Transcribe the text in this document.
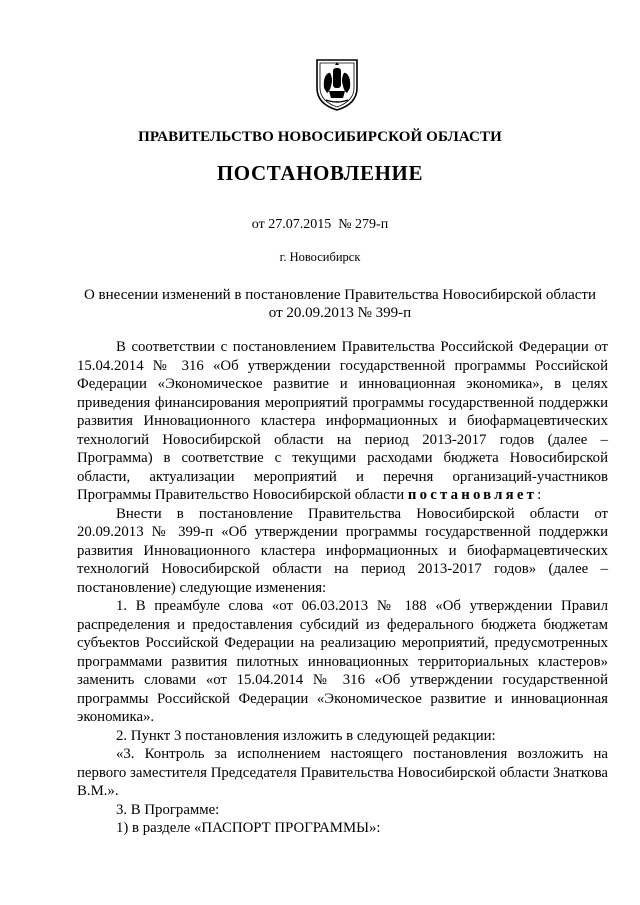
ПРАВИТЕЛЬСТВО НОВОСИБИРСКОЙ ОБЛАСТИ
ПОСТАНОВЛЕНИЕ
от 27.07.2015  № 279-п
г. Новосибирск
О внесении изменений в постановление Правительства Новосибирской области
от 20.09.2013 № 399-п

В соответствии с постановлением Правительства Российской Федерации от 15.04.2014 № 316 «Об утверждении государственной программы Российской Федерации «Экономическое развитие и инновационная экономика», в целях приведения финансирования мероприятий программы государственной поддержки развития Инновационного кластера информационных и биофармацевтических технологий Новосибирской области на период 2013-2017 годов (далее – Программа) в соответствие с текущими расходами бюджета Новосибирской области, актуализации мероприятий и перечня организаций-участников Программы Правительство Новосибирской области постановляет:

Внести в постановление Правительства Новосибирской области от 20.09.2013 № 399-п «Об утверждении программы государственной поддержки развития Инновационного кластера информационных и биофармацевтических технологий Новосибирской области на период 2013-2017 годов» (далее – постановление) следующие изменения:

1. В преамбуле слова «от 06.03.2013 № 188 «Об утверждении Правил распределения и предоставления субсидий из федерального бюджета бюджетам субъектов Российской Федерации на реализацию мероприятий, предусмотренных программами развития пилотных инновационных территориальных кластеров» заменить словами «от 15.04.2014 № 316 «Об утверждении государственной программы Российской Федерации «Экономическое развитие и инновационная экономика».

2. Пункт 3 постановления изложить в следующей редакции:

«3. Контроль за исполнением настоящего постановления возложить на первого заместителя Председателя Правительства Новосибирской области Знаткова В.М.».

3. В Программе:

1) в разделе «ПАСПОРТ ПРОГРАММЫ»:
